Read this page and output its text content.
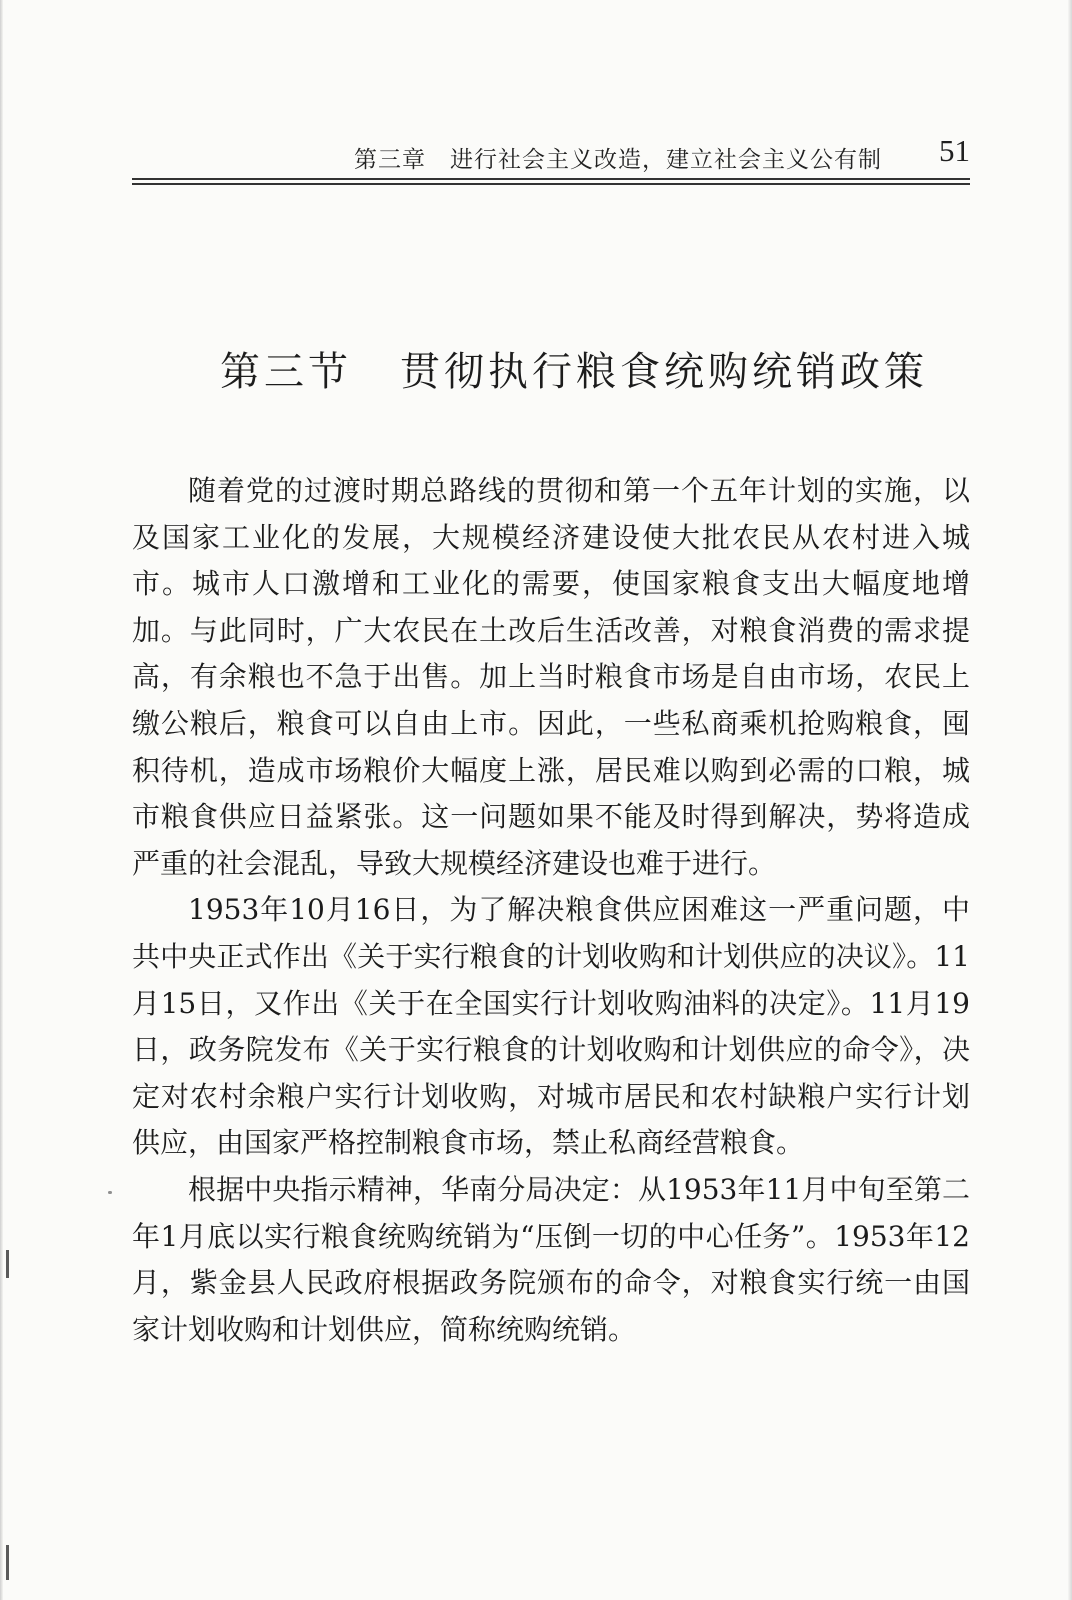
第三章　进行社会主义改造，建立社会主义公有制 51
第三节 贯彻执行粮食统购统销政策

随着党的过渡时期总路线的贯彻和第一个五年计划的实施，以及国家工业化的发展，大规模经济建设使大批农民从农村进入城市。城市人口激增和工业化的需要，使国家粮食支出大幅度地增加。与此同时，广大农民在土改后生活改善，对粮食消费的需求提高，有余粮也不急于出售。加上当时粮食市场是自由市场，农民上缴公粮后，粮食可以自由上市。因此，一些私商乘机抢购粮食，囤积待机，造成市场粮价大幅度上涨，居民难以购到必需的口粮，城市粮食供应日益紧张。这一问题如果不能及时得到解决，势将造成严重的社会混乱，导致大规模经济建设也难于进行。

1953年10月16日，为了解决粮食供应困难这一严重问题，中共中央正式作出《关于实行粮食的计划收购和计划供应的决议》。11月15日，又作出《关于在全国实行计划收购油料的决定》。11月19日，政务院发布《关于实行粮食的计划收购和计划供应的命令》，决定对农村余粮户实行计划收购，对城市居民和农村缺粮户实行计划供应，由国家严格控制粮食市场，禁止私商经营粮食。

根据中央指示精神，华南分局决定：从1953年11月中旬至第二年1月底以实行粮食统购统销为“压倒一切的中心任务”。1953年12月，紫金县人民政府根据政务院颁布的命令，对粮食实行统一由国家计划收购和计划供应，简称统购统销。
